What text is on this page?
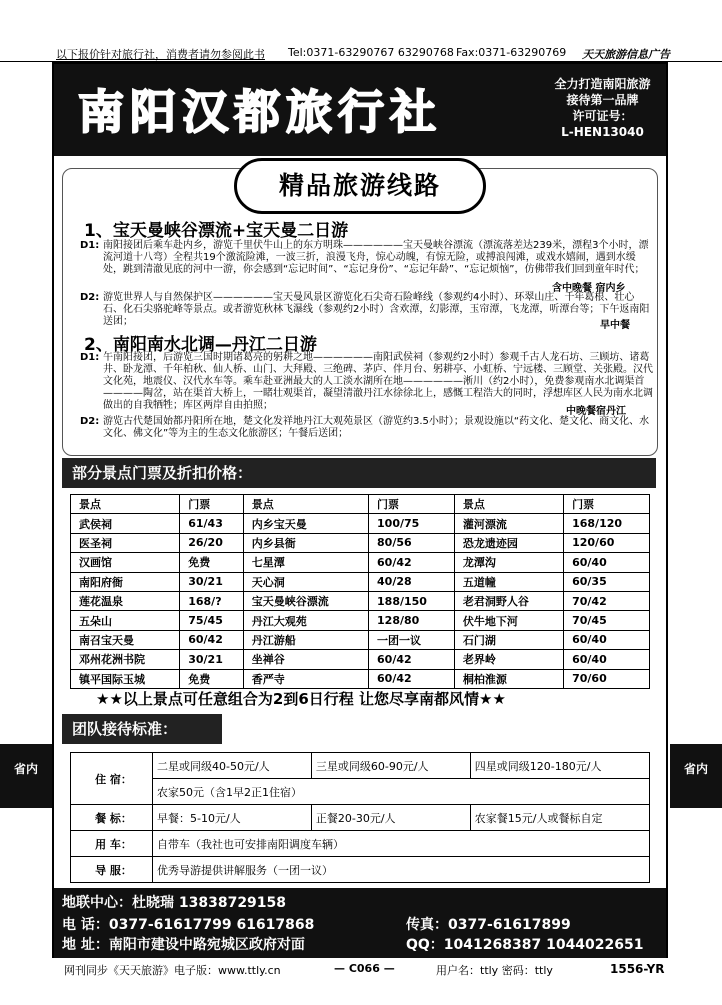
以下报价针对旅行社，消费者请勿参阅此书 Tel:0371-63290767 63290768 Fax:0371-63290769 天天旅游信息广告
南阳汉都旅行社
全力打造南阳旅游
接待第一品牌
许可证号：
L-HEN13040
精品旅游线路
1、宝天曼峡谷漂流+宝天曼二日游
D1: 南阳接团后乘车赴内乡，游览千里伏牛山上的东方明珠——————宝天曼峡谷漂流（漂流落差达239米，漂程3个小时，漂流河道十八弯）全程共19个激流险滩，一波三折，浪漫飞舟，惊心动魄，有惊无险，或搏浪闯滩，或戏水嬉闹，遇到水缓处，跳到清澈见底的河中一游，你会感到“忘记时间”、“忘记身份”、“忘记年龄”、“忘记烦恼”，仿佛带我们回到童年时代；

含中晚餐 宿内乡
D2: 游览世界人与自然保护区——————宝天曼风景区游览化石尖奇石险峰线（参观约4小时）、环翠山庄、千年葛根、壮心石、化石尖骆驼峰等景点。或者游览秋林飞瀑线（参观约2小时）含欢潭，幻影潭，玉帘潭，飞龙潭，听潭台等；下午返南阳送团；	早中餐
2、南阳南水北调—丹江二日游
D1: 午南阳接团，后游览三国时期诸葛亮的躬耕之地——————南阳武侯祠（参观约2小时）参观千古人龙石坊、三顾坊、诸葛井、卧龙潭、千年柏秋、仙人桥、山门、大拜殿、三绝碑、茅庐、伴月台、躬耕亭、小虹桥、宁远楼、三顾堂、关张殿。汉代文化苑，地震仪、汉代水车等。乘车赴亚洲最大的人工淡水湖所在地——————淅川（约2小时），免费参观南水北调渠首————陶岔，站在渠首大桥上，一睹壮观渠首，凝望清澈丹江水徐徐北上，感慨工程浩大的同时，浮想库区人民为南水北调做出的自我牺牲；库区两岸自由拍照；

中晚餐宿丹江
D2: 游览古代楚国始都丹阳所在地，楚文化发祥地丹江大观苑景区（游览约3.5小时）；景观设施以“药文化、楚文化、商文化、水文化、佛文化”等为主的生态文化旅游区；午餐后送团；

部分景点门票及折扣价格：
景点	门票	景点	门票	景点	门票
武侯祠	61/43	内乡宝天曼	100/75	灌河漂流	168/120
医圣祠	26/20	内乡县衙	80/56	恐龙遗迹园	120/60
汉画馆	免费	七星潭	60/42	龙潭沟	60/40
南阳府衙	30/21	天心洞	40/28	五道幢	60/35
莲花温泉	168/?	宝天曼峡谷漂流	188/150	老君洞野人谷	70/42
五朵山	75/45	丹江大观苑	128/80	伏牛地下河	70/45
南召宝天曼	60/42	丹江游船	一团一议	石门湖	60/40
邓州花洲书院	30/21	坐禅谷	60/42	老界岭	60/40
镇平国际玉城	免费	香严寺	60/42	桐柏淮源	70/60
★★以上景点可任意组合为2到6日行程 让您尽享南都风情★★
团队接待标准：
住 宿：	二星或同级40-50元/人	三星或同级60-90元/人	四星或同级120-180元/人
	农家50元（含1早2正1住宿）		
餐 标：	早餐：5-10元/人	正餐20-30元/人	农家餐15元/人或餐标自定
用 车：	自带车（我社也可安排南阳调度车辆）		
导 服：	优秀导游提供讲解服务（一团一议）		
地联中心：杜晓瑞 13838729158
电 话：0377-61617799 61617868	传真：0377-61617899
地 址：南阳市建设中路宛城区政府对面	QQ：1041268387 1044022651
网刊同步《天天旅游》电子版：www.ttly.cn	— C066 —	用户名：ttly 密码：ttly	1556-YR
省内	省内
